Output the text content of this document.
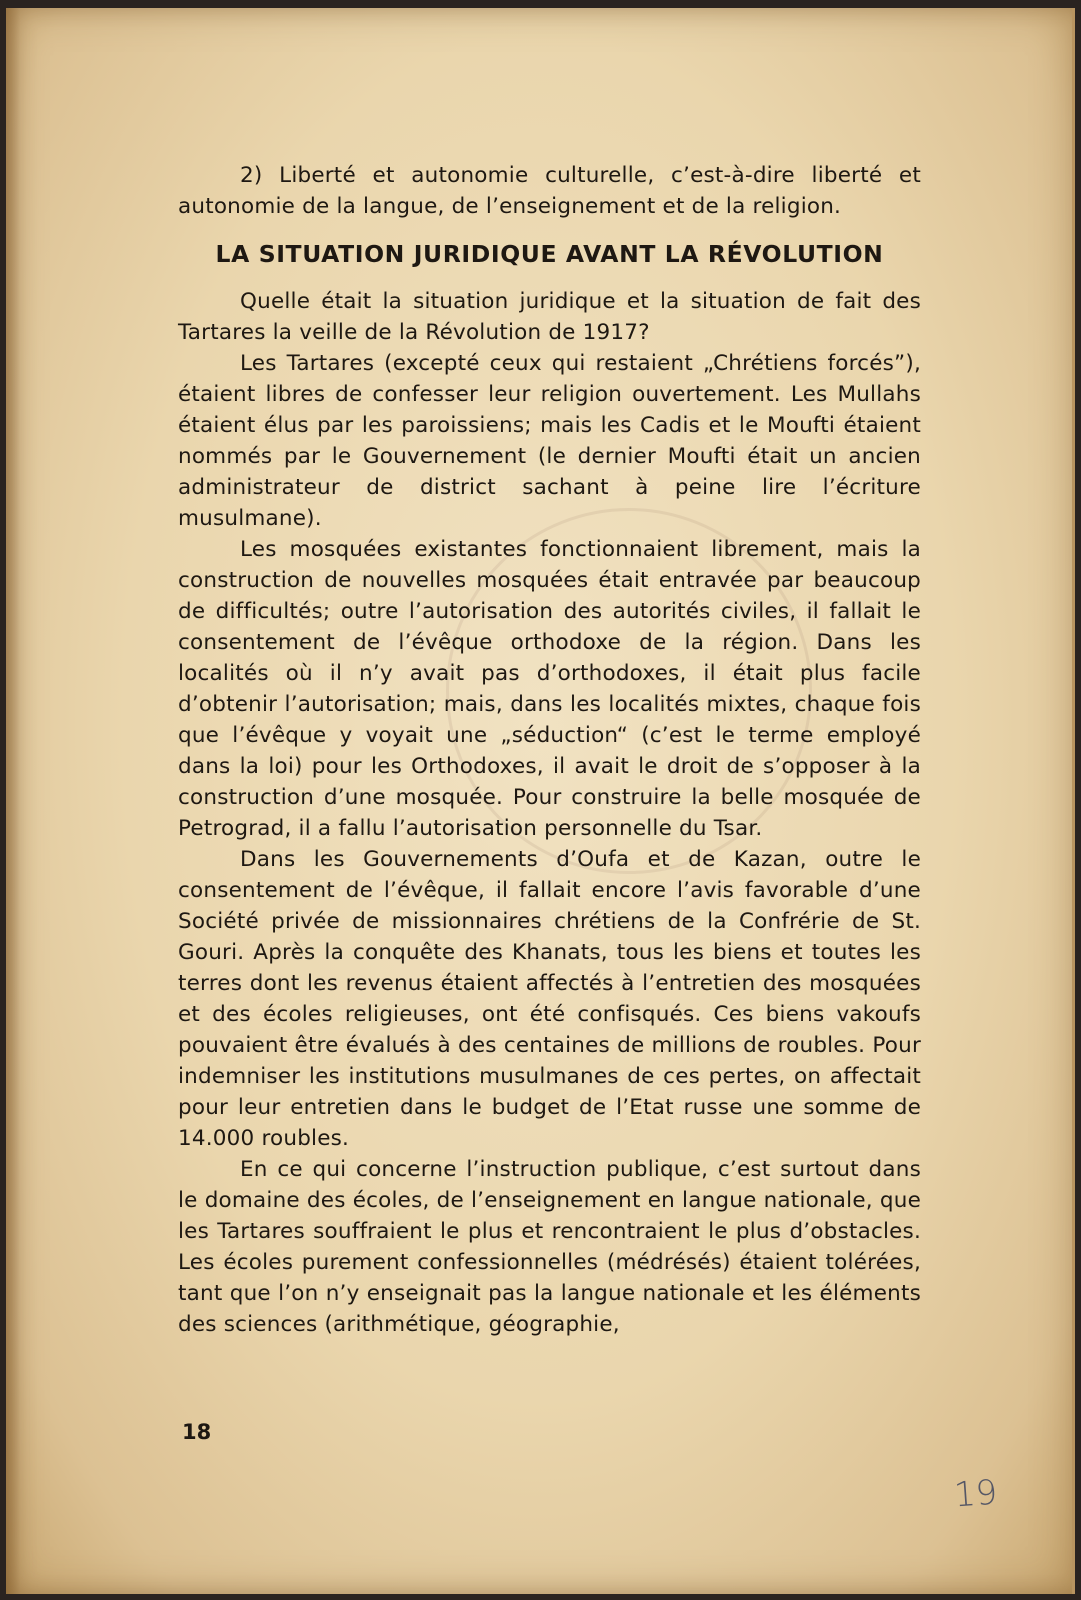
2) Liberté et autonomie culturelle, c’est-à-dire liberté et autonomie de la langue, de l’enseignement et de la religion.

LA SITUATION JURIDIQUE AVANT LA RÉVOLUTION

Quelle était la situation juridique et la situation de fait des Tartares la veille de la Révolution de 1917?

Les Tartares (excepté ceux qui restaient „Chrétiens forcés”), étaient libres de confesser leur religion ouvertement. Les Mullahs étaient élus par les paroissiens; mais les Cadis et le Moufti étaient nommés par le Gouvernement (le dernier Moufti était un ancien administrateur de district sachant à peine lire l’écriture musulmane).

Les mosquées existantes fonctionnaient librement, mais la construction de nouvelles mosquées était entravée par beaucoup de difficultés; outre l’autorisation des autorités civiles, il fallait le consentement de l’évêque orthodoxe de la région. Dans les localités où il n’y avait pas d’orthodoxes, il était plus facile d’obtenir l’autorisation; mais, dans les localités mixtes, chaque fois que l’évêque y voyait une „séduction“ (c’est le terme employé dans la loi) pour les Orthodoxes, il avait le droit de s’opposer à la construction d’une mosquée. Pour construire la belle mosquée de Petrograd, il a fallu l’autorisation personnelle du Tsar.

Dans les Gouvernements d’Oufa et de Kazan, outre le consentement de l’évêque, il fallait encore l’avis favorable d’une Société privée de missionnaires chrétiens de la Confrérie de St. Gouri. Après la conquête des Khanats, tous les biens et toutes les terres dont les revenus étaient affectés à l’entretien des mosquées et des écoles religieuses, ont été confisqués. Ces biens vakoufs pouvaient être évalués à des centaines de millions de roubles. Pour indemniser les institutions musulmanes de ces pertes, on affectait pour leur entretien dans le budget de l’Etat russe une somme de 14.000 roubles.

En ce qui concerne l’instruction publique, c’est surtout dans le domaine des écoles, de l’enseignement en langue nationale, que les Tartares souffraient le plus et rencontraient le plus d’obstacles. Les écoles purement confessionnelles (médrésés) étaient tolérées, tant que l’on n’y enseignait pas la langue nationale et les éléments des sciences (arithmétique, géographie,

18
19
